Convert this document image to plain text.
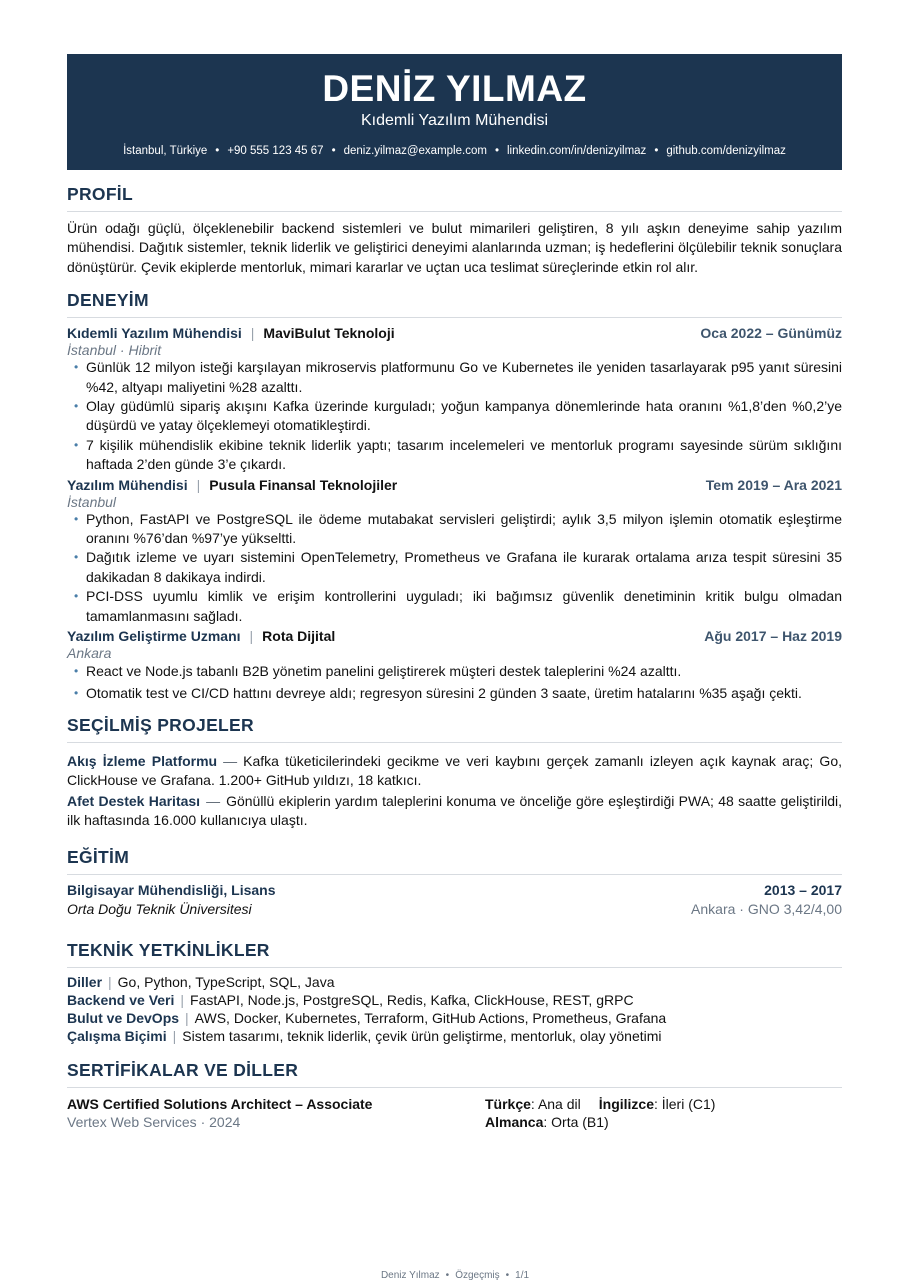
DENİZ YILMAZ
Kıdemli Yazılım Mühendisi
İstanbul, Türkiye • +90 555 123 45 67 • deniz.yilmaz@example.com • linkedin.com/in/denizyilmaz • github.com/denizyilmaz
PROFİL
Ürün odağı güçlü, ölçeklenebilir backend sistemleri ve bulut mimarileri geliştiren, 8 yılı aşkın deneyime sahip yazılım mühendisi. Dağıtık sistemler, teknik liderlik ve geliştirici deneyimi alanlarında uzman; iş hedeflerini ölçülebilir teknik sonuçlara dönüştürür. Çevik ekiplerde mentorluk, mimari kararlar ve uçtan uca teslimat süreçlerinde etkin rol alır.
DENEYİM
Kıdemli Yazılım Mühendisi | MaviBulut Teknoloji	Oca 2022 – Günümüz
İstanbul · Hibrit
• Günlük 12 milyon isteği karşılayan mikroservis platformunu Go ve Kubernetes ile yeniden tasarlayarak p95 yanıt süresini %42, altyapı maliyetini %28 azalttı.
• Olay güdümlü sipariş akışını Kafka üzerinde kurguladı; yoğun kampanya dönemlerinde hata oranını %1,8’den %0,2’ye düşürdü ve yatay ölçeklemeyi otomatikleştirdi.
• 7 kişilik mühendislik ekibine teknik liderlik yaptı; tasarım incelemeleri ve mentorluk programı sayesinde sürüm sıklığını haftada 2’den günde 3’e çıkardı.
Yazılım Mühendisi | Pusula Finansal Teknolojiler	Tem 2019 – Ara 2021
İstanbul
• Python, FastAPI ve PostgreSQL ile ödeme mutabakat servisleri geliştirdi; aylık 3,5 milyon işlemin otomatik eşleştirme oranını %76’dan %97’ye yükseltti.
• Dağıtık izleme ve uyarı sistemini OpenTelemetry, Prometheus ve Grafana ile kurarak ortalama arıza tespit süresini 35 dakikadan 8 dakikaya indirdi.
• PCI-DSS uyumlu kimlik ve erişim kontrollerini uyguladı; iki bağımsız güvenlik denetiminin kritik bulgu olmadan tamamlanmasını sağladı.
Yazılım Geliştirme Uzmanı | Rota Dijital	Ağu 2017 – Haz 2019
Ankara
• React ve Node.js tabanlı B2B yönetim panelini geliştirerek müşteri destek taleplerini %24 azalttı.
• Otomatik test ve CI/CD hattını devreye aldı; regresyon süresini 2 günden 3 saate, üretim hatalarını %35 aşağı çekti.
SEÇİLMİŞ PROJELER
Akış İzleme Platformu — Kafka tüketicilerindeki gecikme ve veri kaybını gerçek zamanlı izleyen açık kaynak araç; Go, ClickHouse ve Grafana. 1.200+ GitHub yıldızı, 18 katkıcı.
Afet Destek Haritası — Gönüllü ekiplerin yardım taleplerini konuma ve önceliğe göre eşleştirdiği PWA; 48 saatte geliştirildi, ilk haftasında 16.000 kullanıcıya ulaştı.
EĞİTİM
Bilgisayar Mühendisliği, Lisans	2013 – 2017
Orta Doğu Teknik Üniversitesi	Ankara · GNO 3,42/4,00
TEKNİK YETKİNLİKLER
Diller | Go, Python, TypeScript, SQL, Java
Backend ve Veri | FastAPI, Node.js, PostgreSQL, Redis, Kafka, ClickHouse, REST, gRPC
Bulut ve DevOps | AWS, Docker, Kubernetes, Terraform, GitHub Actions, Prometheus, Grafana
Çalışma Biçimi | Sistem tasarımı, teknik liderlik, çevik ürün geliştirme, mentorluk, olay yönetimi
SERTİFİKALAR VE DİLLER
AWS Certified Solutions Architect – Associate
Vertex Web Services · 2024
Türkçe: Ana dil İngilizce: İleri (C1)
Almanca: Orta (B1)
Deniz Yılmaz • Özgeçmiş • 1/1
